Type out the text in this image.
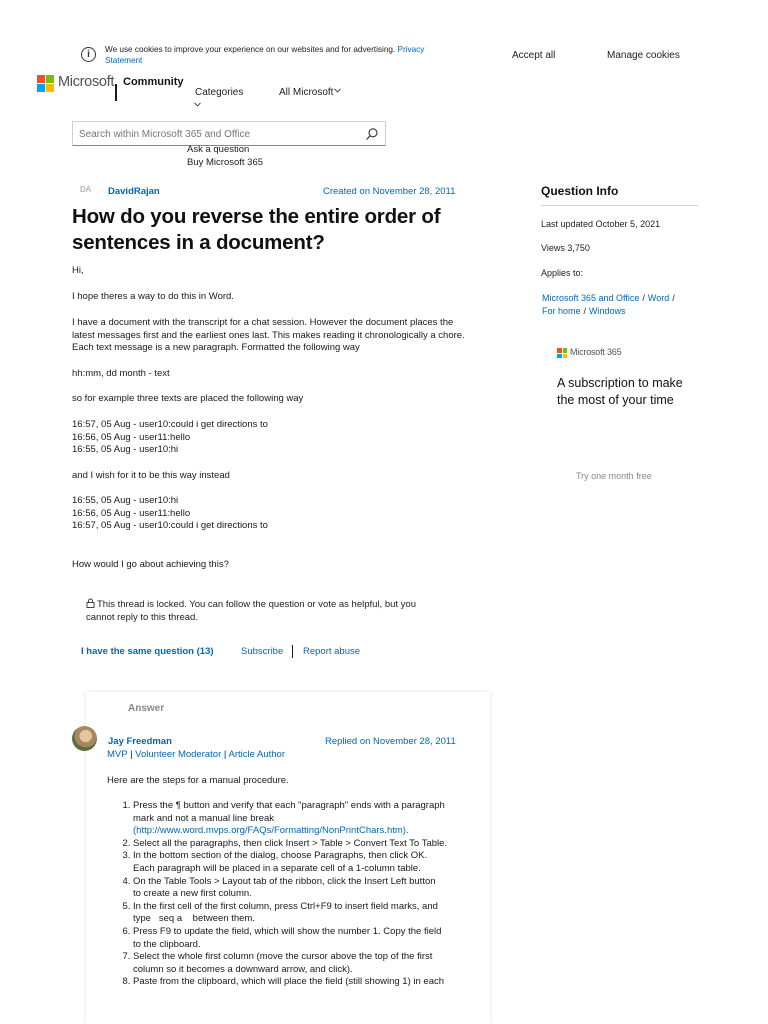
i	We use cookies to improve your experience on our websites and for advertising. Privacy
Statement	Accept all	Manage cookies
Microsoft Community
Categories	All Microsoft
Search within Microsoft 365 and Office
Ask a question
Buy Microsoft 365
DA DavidRajan	Created on November 28, 2011
How do you reverse the entire order of sentences in a document?
Hi,
I hope theres a way to do this in Word.
I have a document with the transcript for a chat session. However the document places the
latest messages first and the earliest ones last. This makes reading it chronologically a chore.
Each text message is a new paragraph. Formatted the following way
hh:mm, dd month - text
so for example three texts are placed the following way
16:57, 05 Aug - user10:could i get directions to
16:56, 05 Aug - user11:hello
16:55, 05 Aug - user10:hi
and I wish for it to be this way instead
16:55, 05 Aug - user10:hi
16:56, 05 Aug - user11:hello
16:57, 05 Aug - user10:could i get directions to
How would I go about achieving this?
This thread is locked. You can follow the question or vote as helpful, but you
cannot reply to this thread.
I have the same question (13)	Subscribe Report abuse
Answer
Jay Freedman
MVP | Volunteer Moderator | Article Author
Replied on November 28, 2011
Here are the steps for a manual procedure.
1. Press the ¶ button and verify that each "paragraph" ends with a paragraph
mark and not a manual line break
(http://www.word.mvps.org/FAQs/Formatting/NonPrintChars.htm).
2. Select all the paragraphs, then click Insert > Table > Convert Text To Table.
3. In the bottom section of the dialog, choose Paragraphs, then click OK.
Each paragraph will be placed in a separate cell of a 1-column table.
4. On the Table Tools > Layout tab of the ribbon, click the Insert Left button
to create a new first column.
5. In the first cell of the first column, press Ctrl+F9 to insert field marks, and
type   seq a    between them.
6. Press F9 to update the field, which will show the number 1. Copy the field
to the clipboard.
7. Select the whole first column (move the cursor above the top of the first
column so it becomes a downward arrow, and click).
8. Paste from the clipboard, which will place the field (still showing 1) in each
Question Info
Last updated October 5, 2021
Views 3,750
Applies to:
Microsoft 365 and Office / Word /
For home / Windows
Microsoft 365
A subscription to make the most of your time
Try one month free
